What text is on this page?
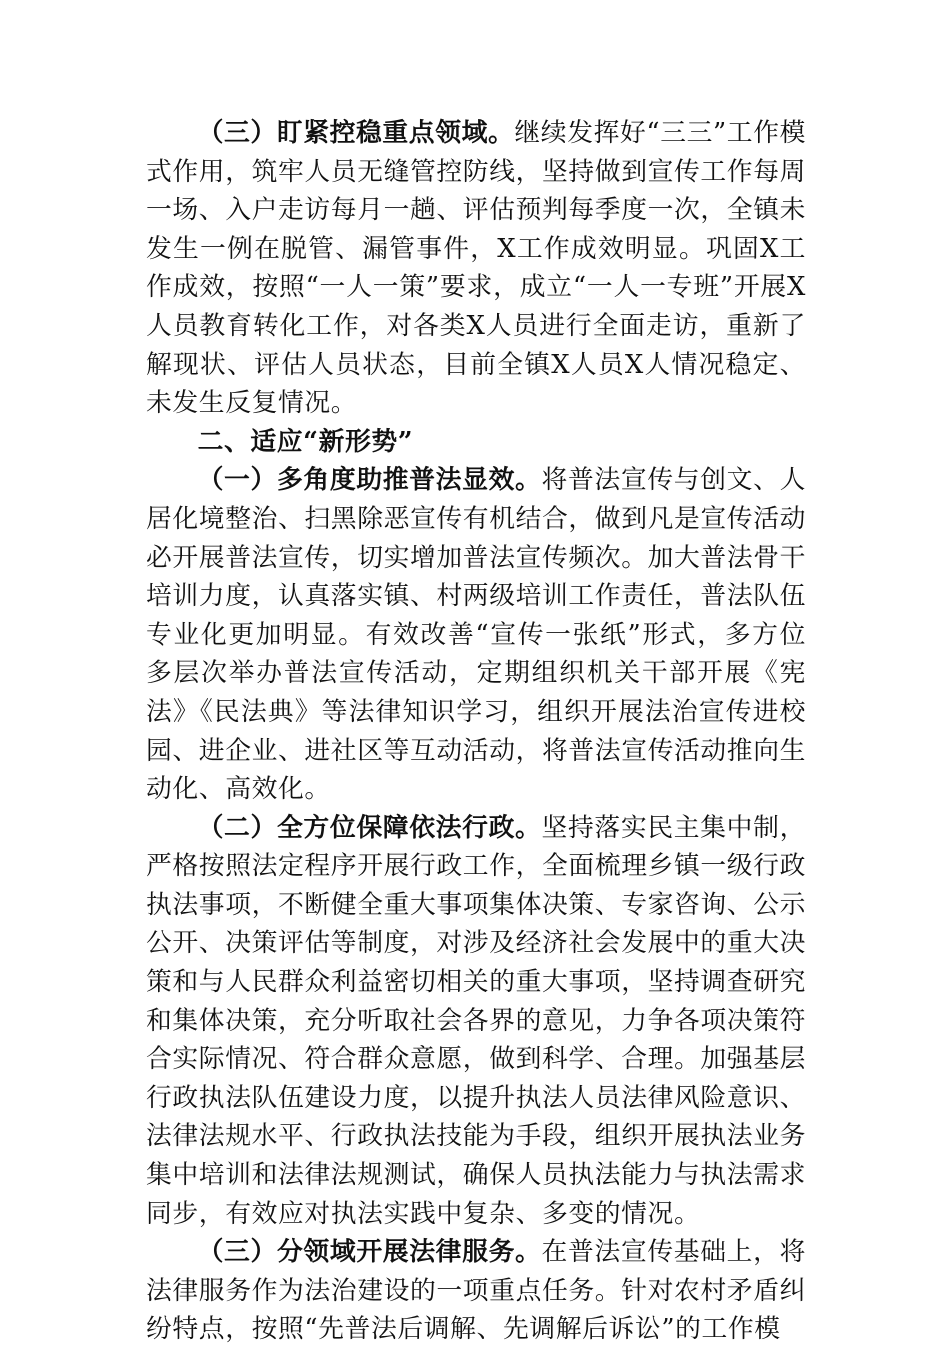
（三）盯紧控稳重点领域。继续发挥好“三三”工作模式作用，筑牢人员无缝管控防线，坚持做到宣传工作每周一场、入户走访每月一趟、评估预判每季度一次，全镇未发生一例在脱管、漏管事件，X工作成效明显。巩固X工作成效，按照“一人一策”要求，成立“一人一专班”开展X人员教育转化工作，对各类X人员进行全面走访，重新了解现状、评估人员状态，目前全镇X人员X人情况稳定、未发生反复情况。

二、适应“新形势”

（一）多角度助推普法显效。将普法宣传与创文、人居化境整治、扫黑除恶宣传有机结合，做到凡是宣传活动必开展普法宣传，切实增加普法宣传频次。加大普法骨干培训力度，认真落实镇、村两级培训工作责任，普法队伍专业化更加明显。有效改善“宣传一张纸”形式，多方位多层次举办普法宣传活动，定期组织机关干部开展《宪法》《民法典》等法律知识学习，组织开展法治宣传进校园、进企业、进社区等互动活动，将普法宣传活动推向生动化、高效化。

（二）全方位保障依法行政。坚持落实民主集中制，严格按照法定程序开展行政工作，全面梳理乡镇一级行政执法事项，不断健全重大事项集体决策、专家咨询、公示公开、决策评估等制度，对涉及经济社会发展中的重大决策和与人民群众利益密切相关的重大事项，坚持调查研究和集体决策，充分听取社会各界的意见，力争各项决策符合实际情况、符合群众意愿，做到科学、合理。加强基层行政执法队伍建设力度，以提升执法人员法律风险意识、法律法规水平、行政执法技能为手段，组织开展执法业务集中培训和法律法规测试，确保人员执法能力与执法需求同步，有效应对执法实践中复杂、多变的情况。

（三）分领域开展法律服务。在普法宣传基础上，将法律服务作为法治建设的一项重点任务。针对农村矛盾纠纷特点，按照“先普法后调解、先调解后诉讼”的工作模
